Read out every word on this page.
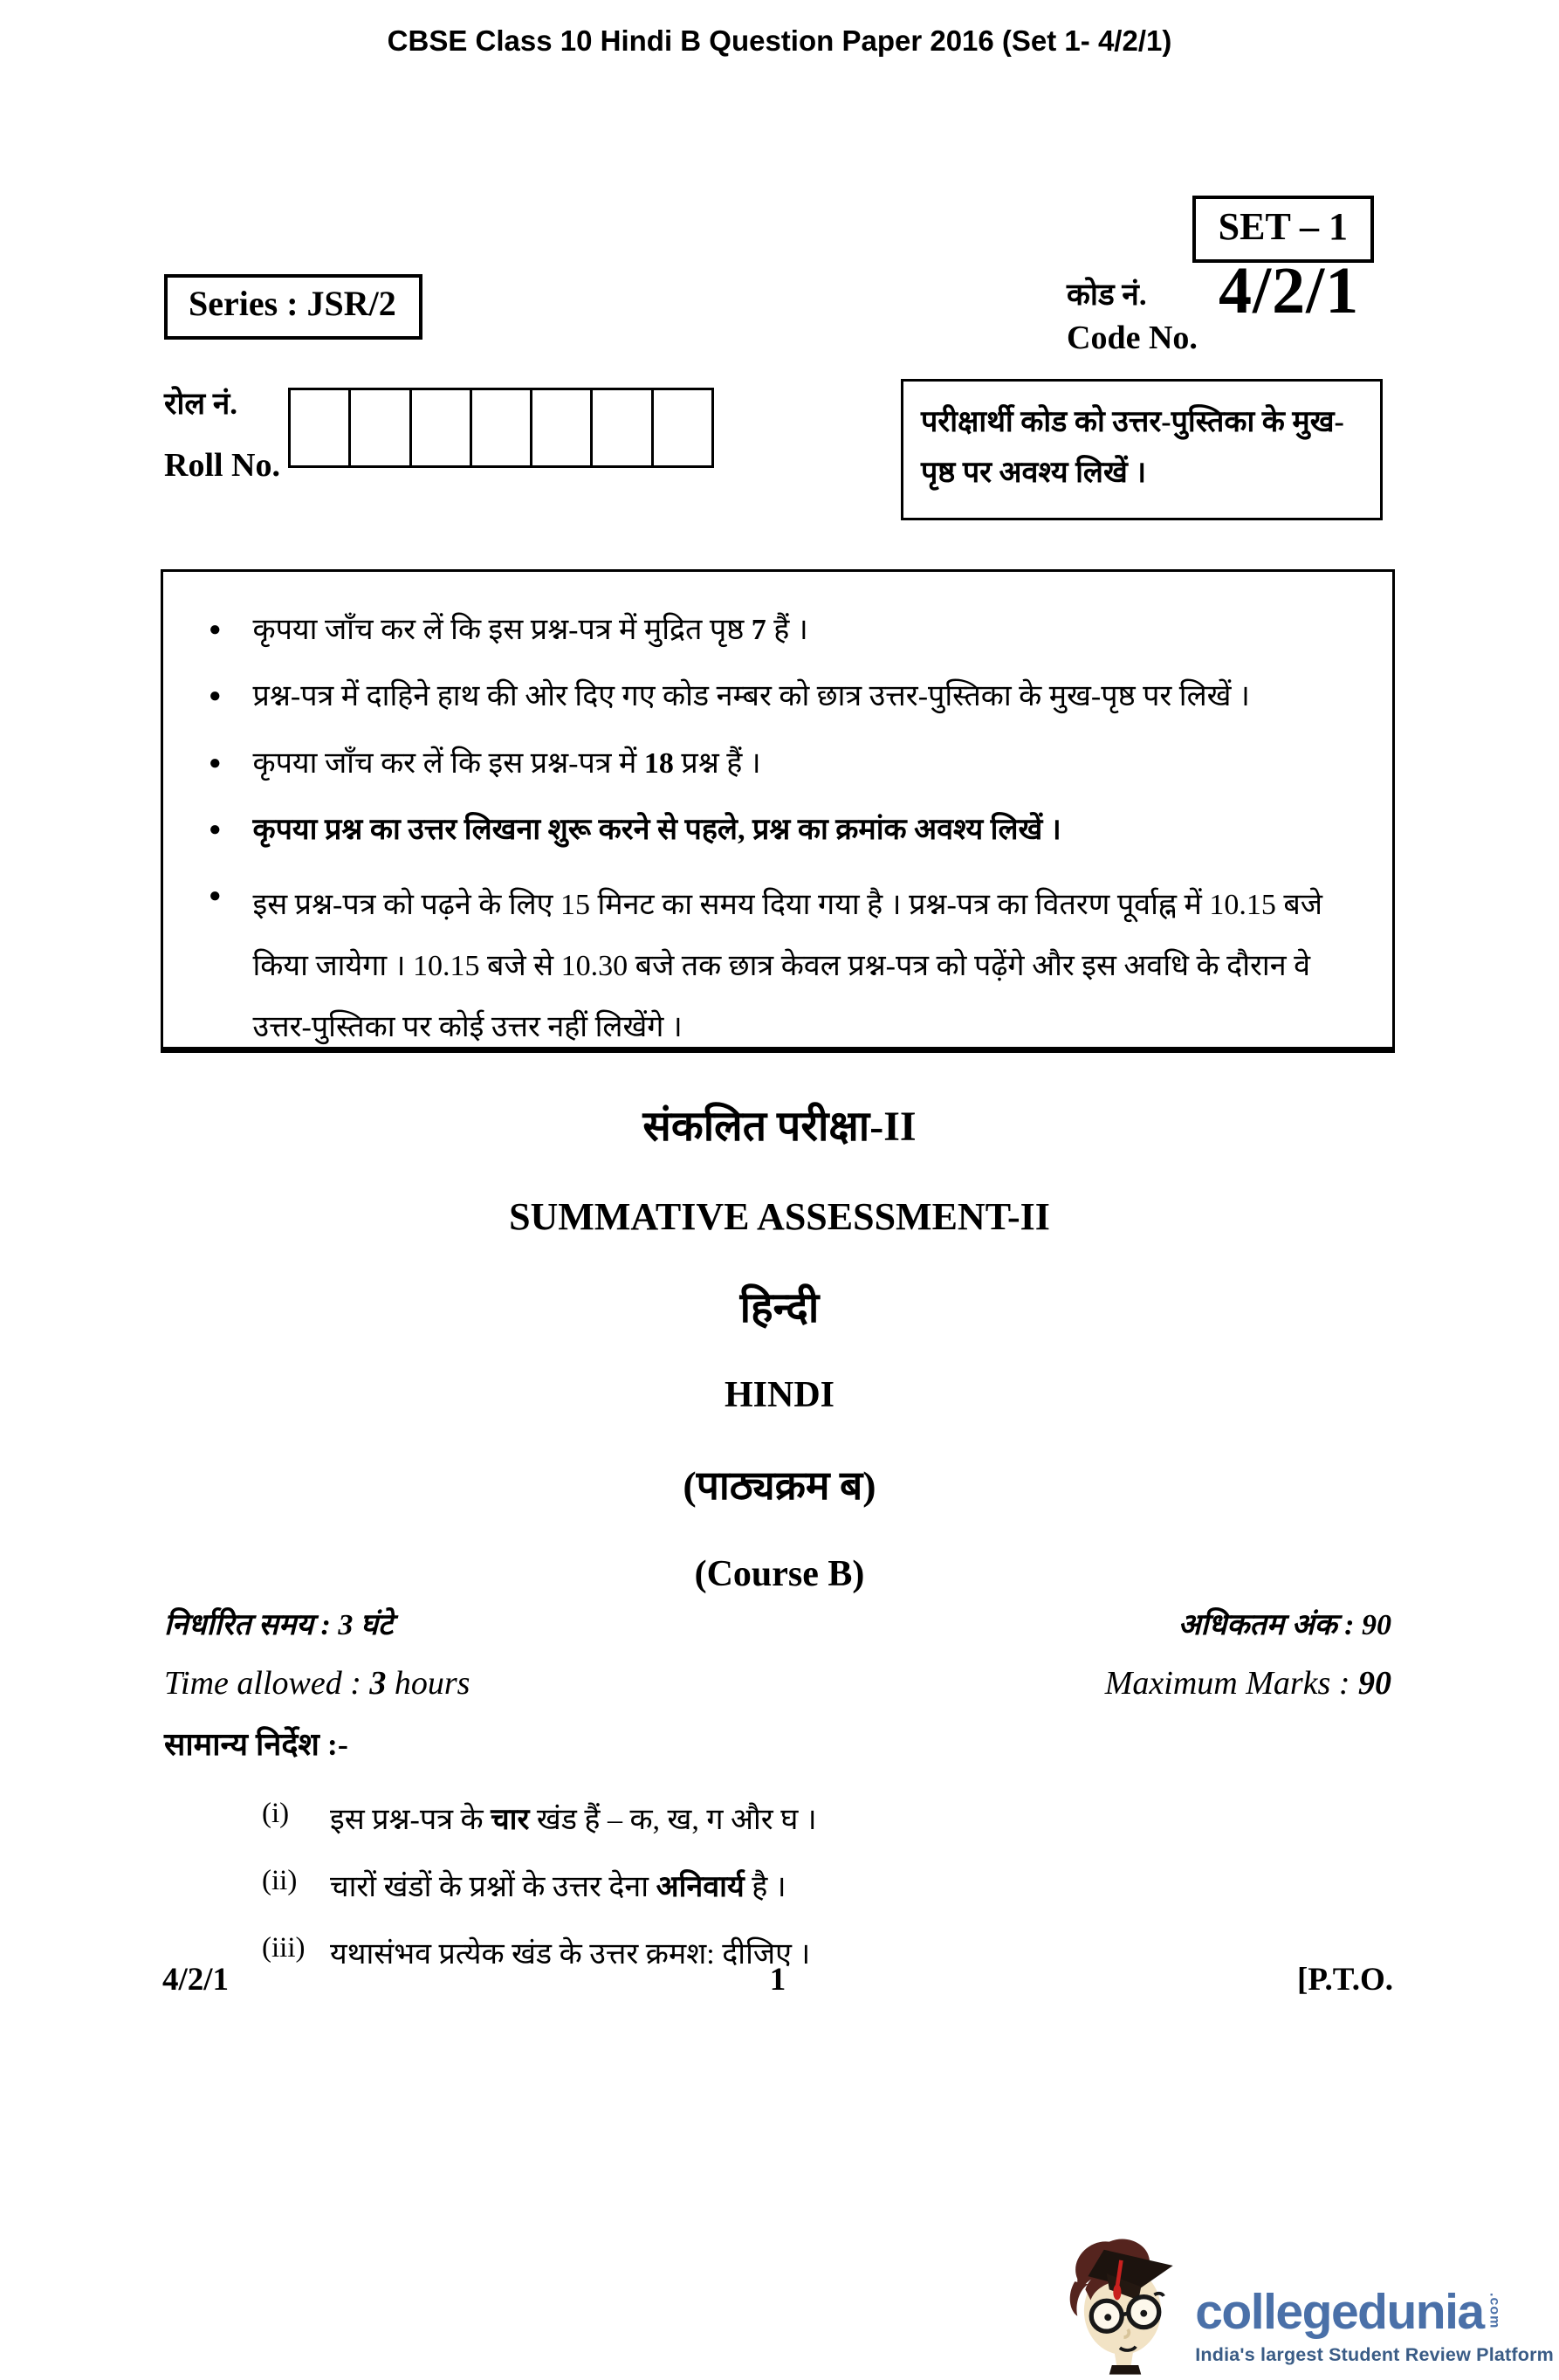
CBSE Class 10 Hindi B Question Paper 2016 (Set 1- 4/2/1)
SET – 1
Series : JSR/2	कोड नं.
Code No.
4/2/1
रोल नं.
Roll No.
परीक्षार्थी कोड को उत्तर-पुस्तिका के मुख-पृष्ठ पर अवश्य लिखें ।
● कृपया जाँच कर लें कि इस प्रश्न-पत्र में मुद्रित पृष्ठ 7 हैं ।
● प्रश्न-पत्र में दाहिने हाथ की ओर दिए गए कोड नम्बर को छात्र उत्तर-पुस्तिका के मुख-पृष्ठ पर लिखें ।
● कृपया जाँच कर लें कि इस प्रश्न-पत्र में 18 प्रश्न हैं ।
● कृपया प्रश्न का उत्तर लिखना शुरू करने से पहले, प्रश्न का क्रमांक अवश्य लिखें ।
● इस प्रश्न-पत्र को पढ़ने के लिए 15 मिनट का समय दिया गया है । प्रश्न-पत्र का वितरण पूर्वाह्न में 10.15 बजे किया जायेगा । 10.15 बजे से 10.30 बजे तक छात्र केवल प्रश्न-पत्र को पढ़ेंगे और इस अवधि के दौरान वे उत्तर-पुस्तिका पर कोई उत्तर नहीं लिखेंगे ।
संकलित परीक्षा-II
SUMMATIVE ASSESSMENT-II
हिन्दी
HINDI
(पाठ्यक्रम ब)
(Course B)
निर्धारित समय : 3 घंटे	अधिकतम अंक : 90
Time allowed : 3 hours	Maximum Marks : 90
सामान्य निर्देश :-
(i)	इस प्रश्न-पत्र के चार खंड हैं – क, ख, ग और घ ।
(ii)	चारों खंडों के प्रश्नों के उत्तर देना अनिवार्य है ।
(iii) यथासंभव प्रत्येक खंड के उत्तर क्रमश: दीजिए ।
4/2/1	1	[P.T.O.
collegedunia .com
India's largest Student Review Platform
